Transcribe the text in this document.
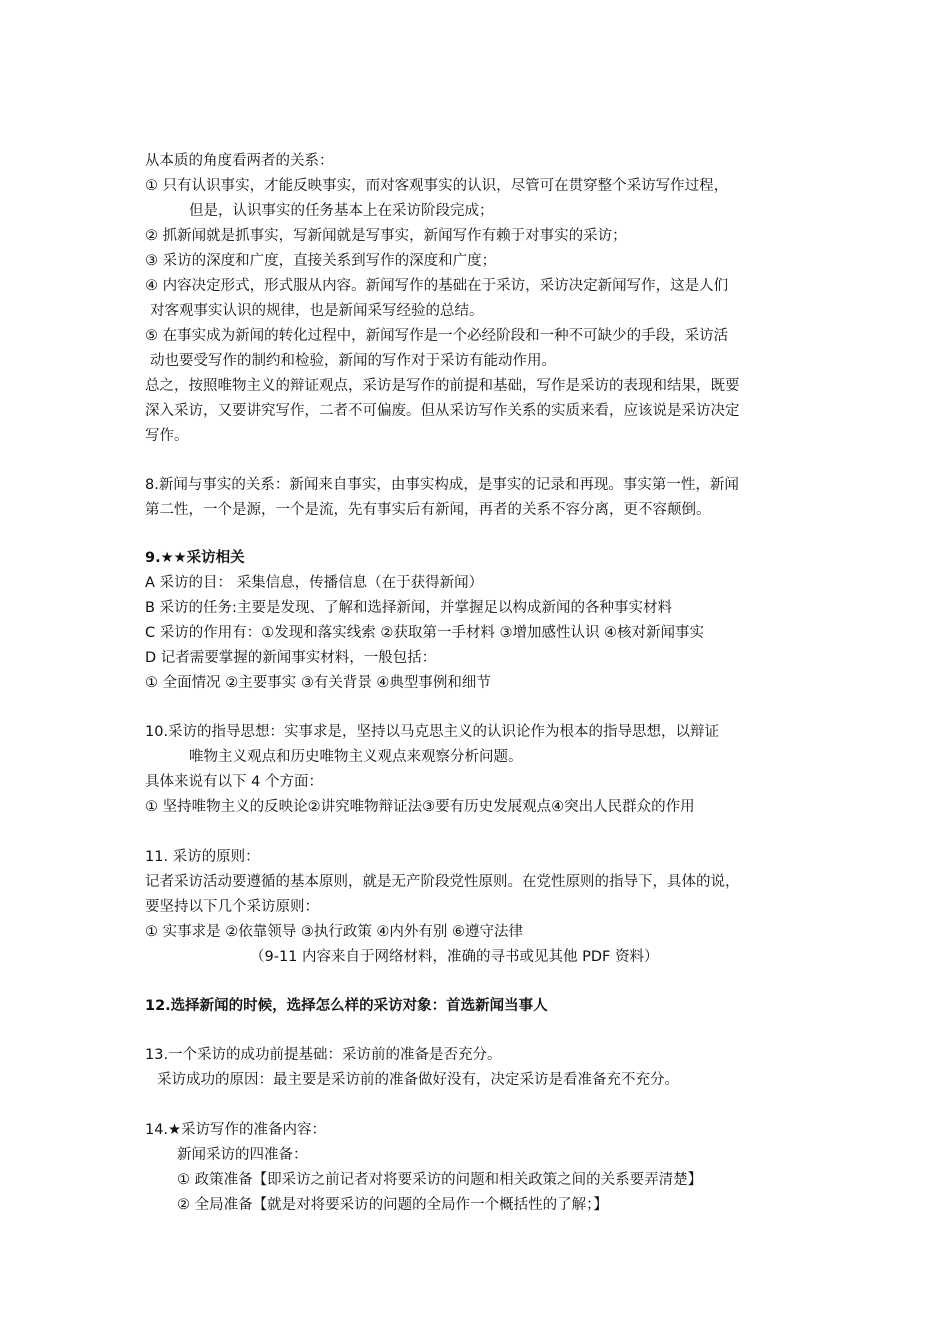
从本质的角度看两者的关系：
① 只有认识事实，才能反映事实，而对客观事实的认识，尽管可在贯穿整个采访写作过程，
但是，认识事实的任务基本上在采访阶段完成；
② 抓新闻就是抓事实，写新闻就是写事实，新闻写作有赖于对事实的采访；
③ 采访的深度和广度，直接关系到写作的深度和广度；
④ 内容决定形式，形式服从内容。新闻写作的基础在于采访，采访决定新闻写作，这是人们
对客观事实认识的规律，也是新闻采写经验的总结。
⑤ 在事实成为新闻的转化过程中，新闻写作是一个必经阶段和一种不可缺少的手段，采访活
动也要受写作的制约和检验，新闻的写作对于采访有能动作用。
总之，按照唯物主义的辩证观点，采访是写作的前提和基础，写作是采访的表现和结果，既要
深入采访，又要讲究写作，二者不可偏废。但从采访写作关系的实质来看，应该说是采访决定
写作。
8.新闻与事实的关系：新闻来自事实，由事实构成，是事实的记录和再现。事实第一性，新闻
第二性，一个是源，一个是流，先有事实后有新闻，再者的关系不容分离，更不容颠倒。
9.★★采访相关
A 采访的目： 采集信息，传播信息（在于获得新闻）
B 采访的任务:主要是发现、了解和选择新闻，并掌握足以构成新闻的各种事实材料
C 采访的作用有：①发现和落实线索 ②获取第一手材料 ③增加感性认识 ④核对新闻事实
D 记者需要掌握的新闻事实材料，一般包括：
① 全面情况 ②主要事实 ③有关背景 ④典型事例和细节
10.采访的指导思想：实事求是，坚持以马克思主义的认识论作为根本的指导思想，以辩证
唯物主义观点和历史唯物主义观点来观察分析问题。
具体来说有以下 4 个方面：
① 坚持唯物主义的反映论②讲究唯物辩证法③要有历史发展观点④突出人民群众的作用
11. 采访的原则：
记者采访活动要遵循的基本原则，就是无产阶段党性原则。在党性原则的指导下，具体的说，
要坚持以下几个采访原则：
① 实事求是 ②依靠领导 ③执行政策 ④内外有别 ⑥遵守法律
（9-11 内容来自于网络材料，准确的寻书或见其他 PDF 资料）
12.选择新闻的时候，选择怎么样的采访对象：首选新闻当事人
13.一个采访的成功前提基础：采访前的准备是否充分。
采访成功的原因：最主要是采访前的准备做好没有，决定采访是看准备充不充分。
14.★采访写作的准备内容：
新闻采访的四准备：
① 政策准备【即采访之前记者对将要采访的问题和相关政策之间的关系要弄清楚】
② 全局准备【就是对将要采访的问题的全局作一个概括性的了解；】
